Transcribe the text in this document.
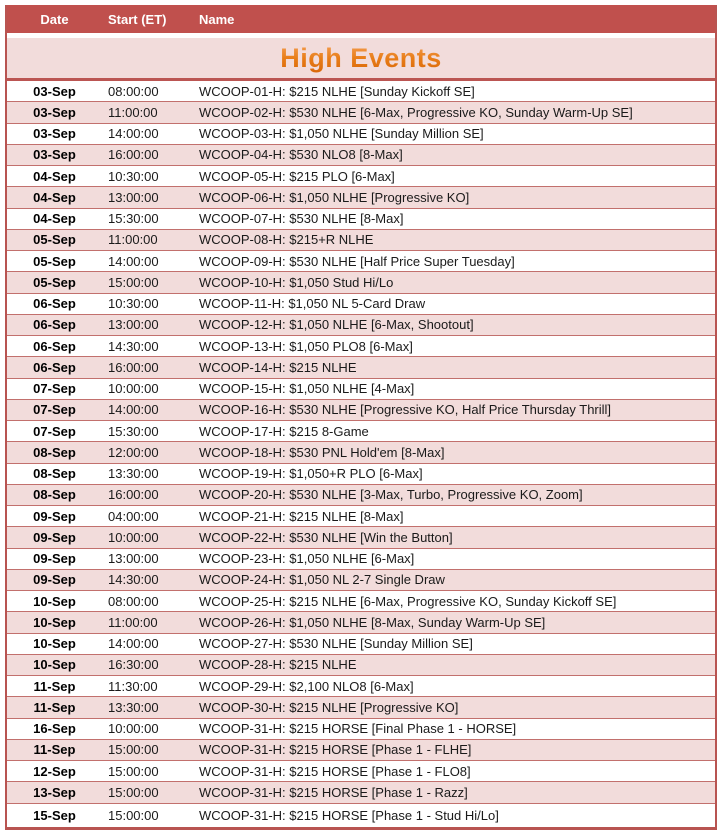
Date	Start (ET)	Name
High Events
03-Sep	08:00:00	WCOOP-01-H: $215 NLHE [Sunday Kickoff SE]
03-Sep	11:00:00	WCOOP-02-H: $530 NLHE [6-Max, Progressive KO, Sunday Warm-Up SE]
03-Sep	14:00:00	WCOOP-03-H: $1,050 NLHE [Sunday Million SE]
03-Sep	16:00:00	WCOOP-04-H: $530 NLO8 [8-Max]
04-Sep	10:30:00	WCOOP-05-H: $215 PLO [6-Max]
04-Sep	13:00:00	WCOOP-06-H: $1,050 NLHE [Progressive KO]
04-Sep	15:30:00	WCOOP-07-H: $530 NLHE [8-Max]
05-Sep	11:00:00	WCOOP-08-H: $215+R NLHE
05-Sep	14:00:00	WCOOP-09-H: $530 NLHE [Half Price Super Tuesday]
05-Sep	15:00:00	WCOOP-10-H: $1,050 Stud Hi/Lo
06-Sep	10:30:00	WCOOP-11-H: $1,050 NL 5-Card Draw
06-Sep	13:00:00	WCOOP-12-H: $1,050 NLHE [6-Max, Shootout]
06-Sep	14:30:00	WCOOP-13-H: $1,050 PLO8 [6-Max]
06-Sep	16:00:00	WCOOP-14-H: $215 NLHE
07-Sep	10:00:00	WCOOP-15-H: $1,050 NLHE [4-Max]
07-Sep	14:00:00	WCOOP-16-H: $530 NLHE [Progressive KO, Half Price Thursday Thrill]
07-Sep	15:30:00	WCOOP-17-H: $215 8-Game
08-Sep	12:00:00	WCOOP-18-H: $530 PNL Hold'em [8-Max]
08-Sep	13:30:00	WCOOP-19-H: $1,050+R PLO [6-Max]
08-Sep	16:00:00	WCOOP-20-H: $530 NLHE [3-Max, Turbo, Progressive KO, Zoom]
09-Sep	04:00:00	WCOOP-21-H: $215 NLHE [8-Max]
09-Sep	10:00:00	WCOOP-22-H: $530 NLHE [Win the Button]
09-Sep	13:00:00	WCOOP-23-H: $1,050 NLHE [6-Max]
09-Sep	14:30:00	WCOOP-24-H: $1,050 NL 2-7 Single Draw
10-Sep	08:00:00	WCOOP-25-H: $215 NLHE [6-Max, Progressive KO, Sunday Kickoff SE]
10-Sep	11:00:00	WCOOP-26-H: $1,050 NLHE [8-Max, Sunday Warm-Up SE]
10-Sep	14:00:00	WCOOP-27-H: $530 NLHE [Sunday Million SE]
10-Sep	16:30:00	WCOOP-28-H: $215 NLHE
11-Sep	11:30:00	WCOOP-29-H: $2,100 NLO8 [6-Max]
11-Sep	13:30:00	WCOOP-30-H: $215 NLHE [Progressive KO]
16-Sep	10:00:00	WCOOP-31-H: $215 HORSE [Final Phase 1 - HORSE]
11-Sep	15:00:00	WCOOP-31-H: $215 HORSE [Phase 1 - FLHE]
12-Sep	15:00:00	WCOOP-31-H: $215 HORSE [Phase 1 - FLO8]
13-Sep	15:00:00	WCOOP-31-H: $215 HORSE [Phase 1 - Razz]
15-Sep	15:00:00	WCOOP-31-H: $215 HORSE [Phase 1 - Stud Hi/Lo]
